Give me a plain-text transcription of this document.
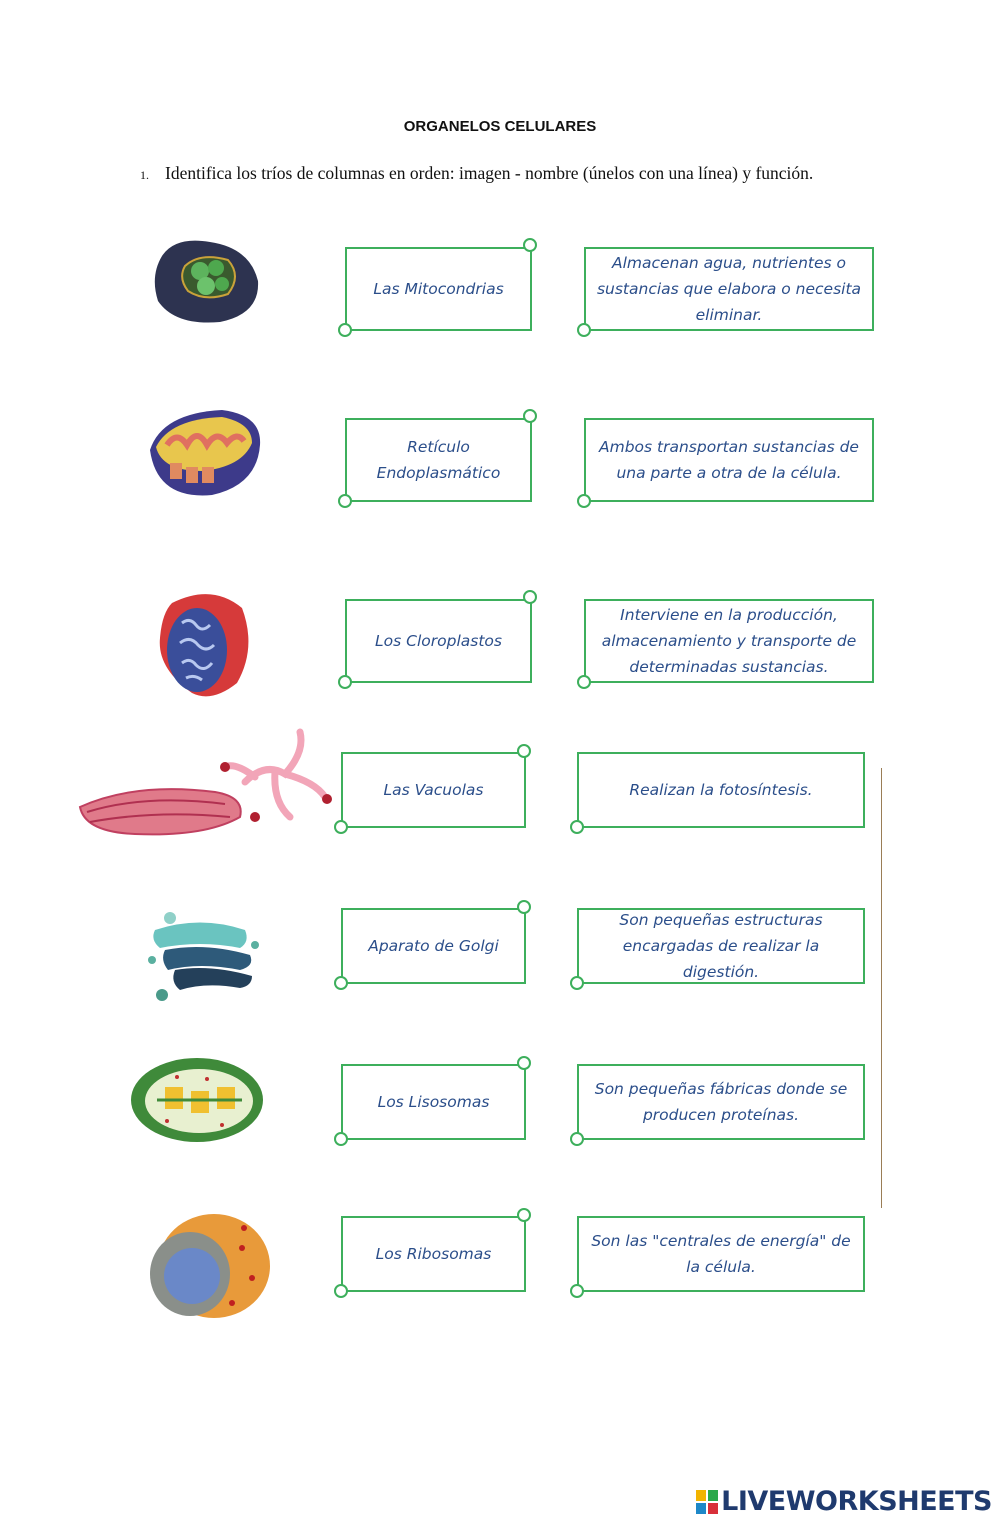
ORGANELOS CELULARES
1. Identifica los tríos de columnas en orden: imagen - nombre (únelos con una línea) y función.
Las Mitocondrias
Retículo Endoplasmático
Los Cloroplastos
Las Vacuolas
Aparato de Golgi
Los Lisosomas
Los Ribosomas
Almacenan agua, nutrientes o sustancias que elabora o necesita eliminar.
Ambos transportan sustancias de una parte a otra de la célula.
Interviene en la producción, almacenamiento y transporte de determinadas sustancias.
Realizan la fotosíntesis.
Son pequeñas estructuras encargadas de realizar la digestión.
Son pequeñas fábricas donde se producen proteínas.
Son las "centrales de energía" de la célula.
LIVEWORKSHEETS
